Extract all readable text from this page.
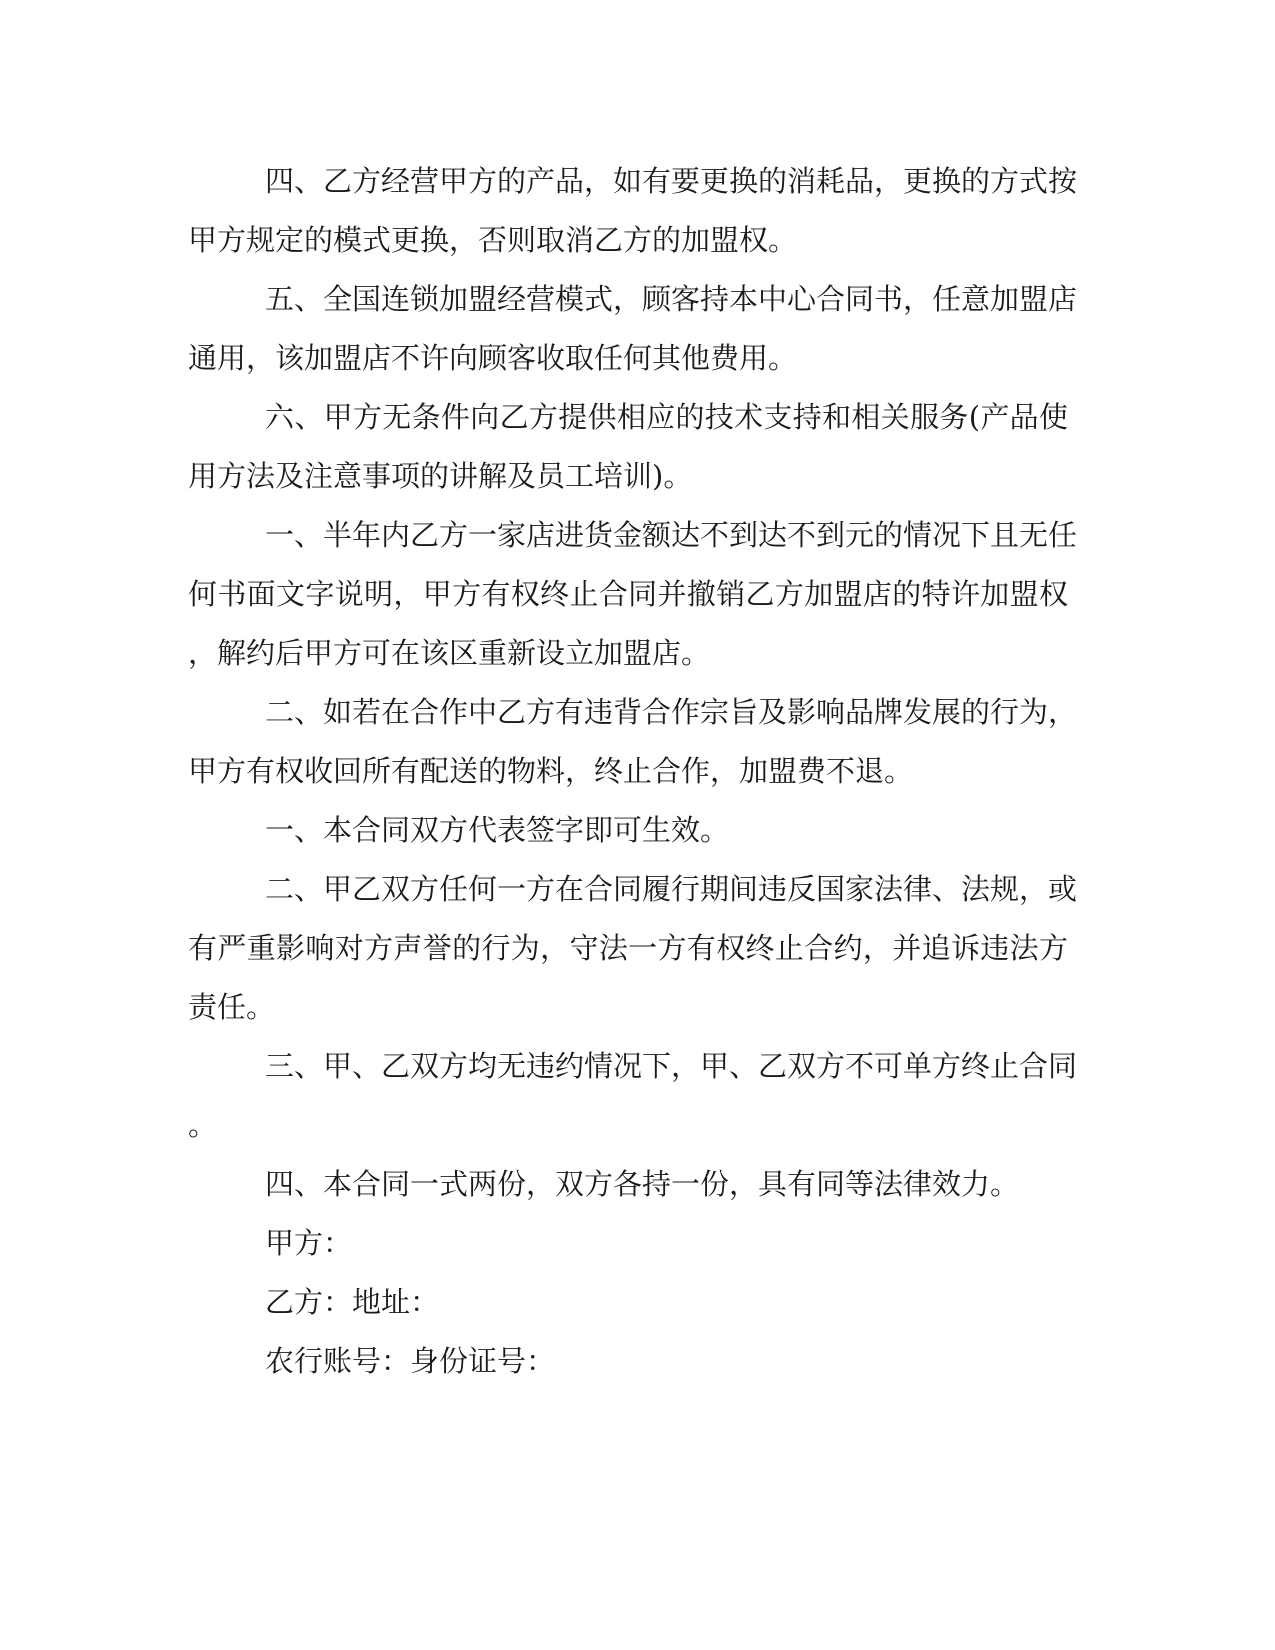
四、乙方经营甲方的产品，如有要更换的消耗品，更换的方式按
甲方规定的模式更换，否则取消乙方的加盟权。
五、全国连锁加盟经营模式，顾客持本中心合同书，任意加盟店
通用，该加盟店不许向顾客收取任何其他费用。
六、甲方无条件向乙方提供相应的技术支持和相关服务(产品使
用方法及注意事项的讲解及员工培训)。
一、半年内乙方一家店进货金额达不到达不到元的情况下且无任
何书面文字说明，甲方有权终止合同并撤销乙方加盟店的特许加盟权
，解约后甲方可在该区重新设立加盟店。
二、如若在合作中乙方有违背合作宗旨及影响品牌发展的行为，
甲方有权收回所有配送的物料，终止合作，加盟费不退。
一、本合同双方代表签字即可生效。
二、甲乙双方任何一方在合同履行期间违反国家法律、法规，或
有严重影响对方声誉的行为，守法一方有权终止合约，并追诉违法方
责任。
三、甲、乙双方均无违约情况下，甲、乙双方不可单方终止合同
。
四、本合同一式两份，双方各持一份，具有同等法律效力。
甲方：
乙方：地址：
农行账号：身份证号：
